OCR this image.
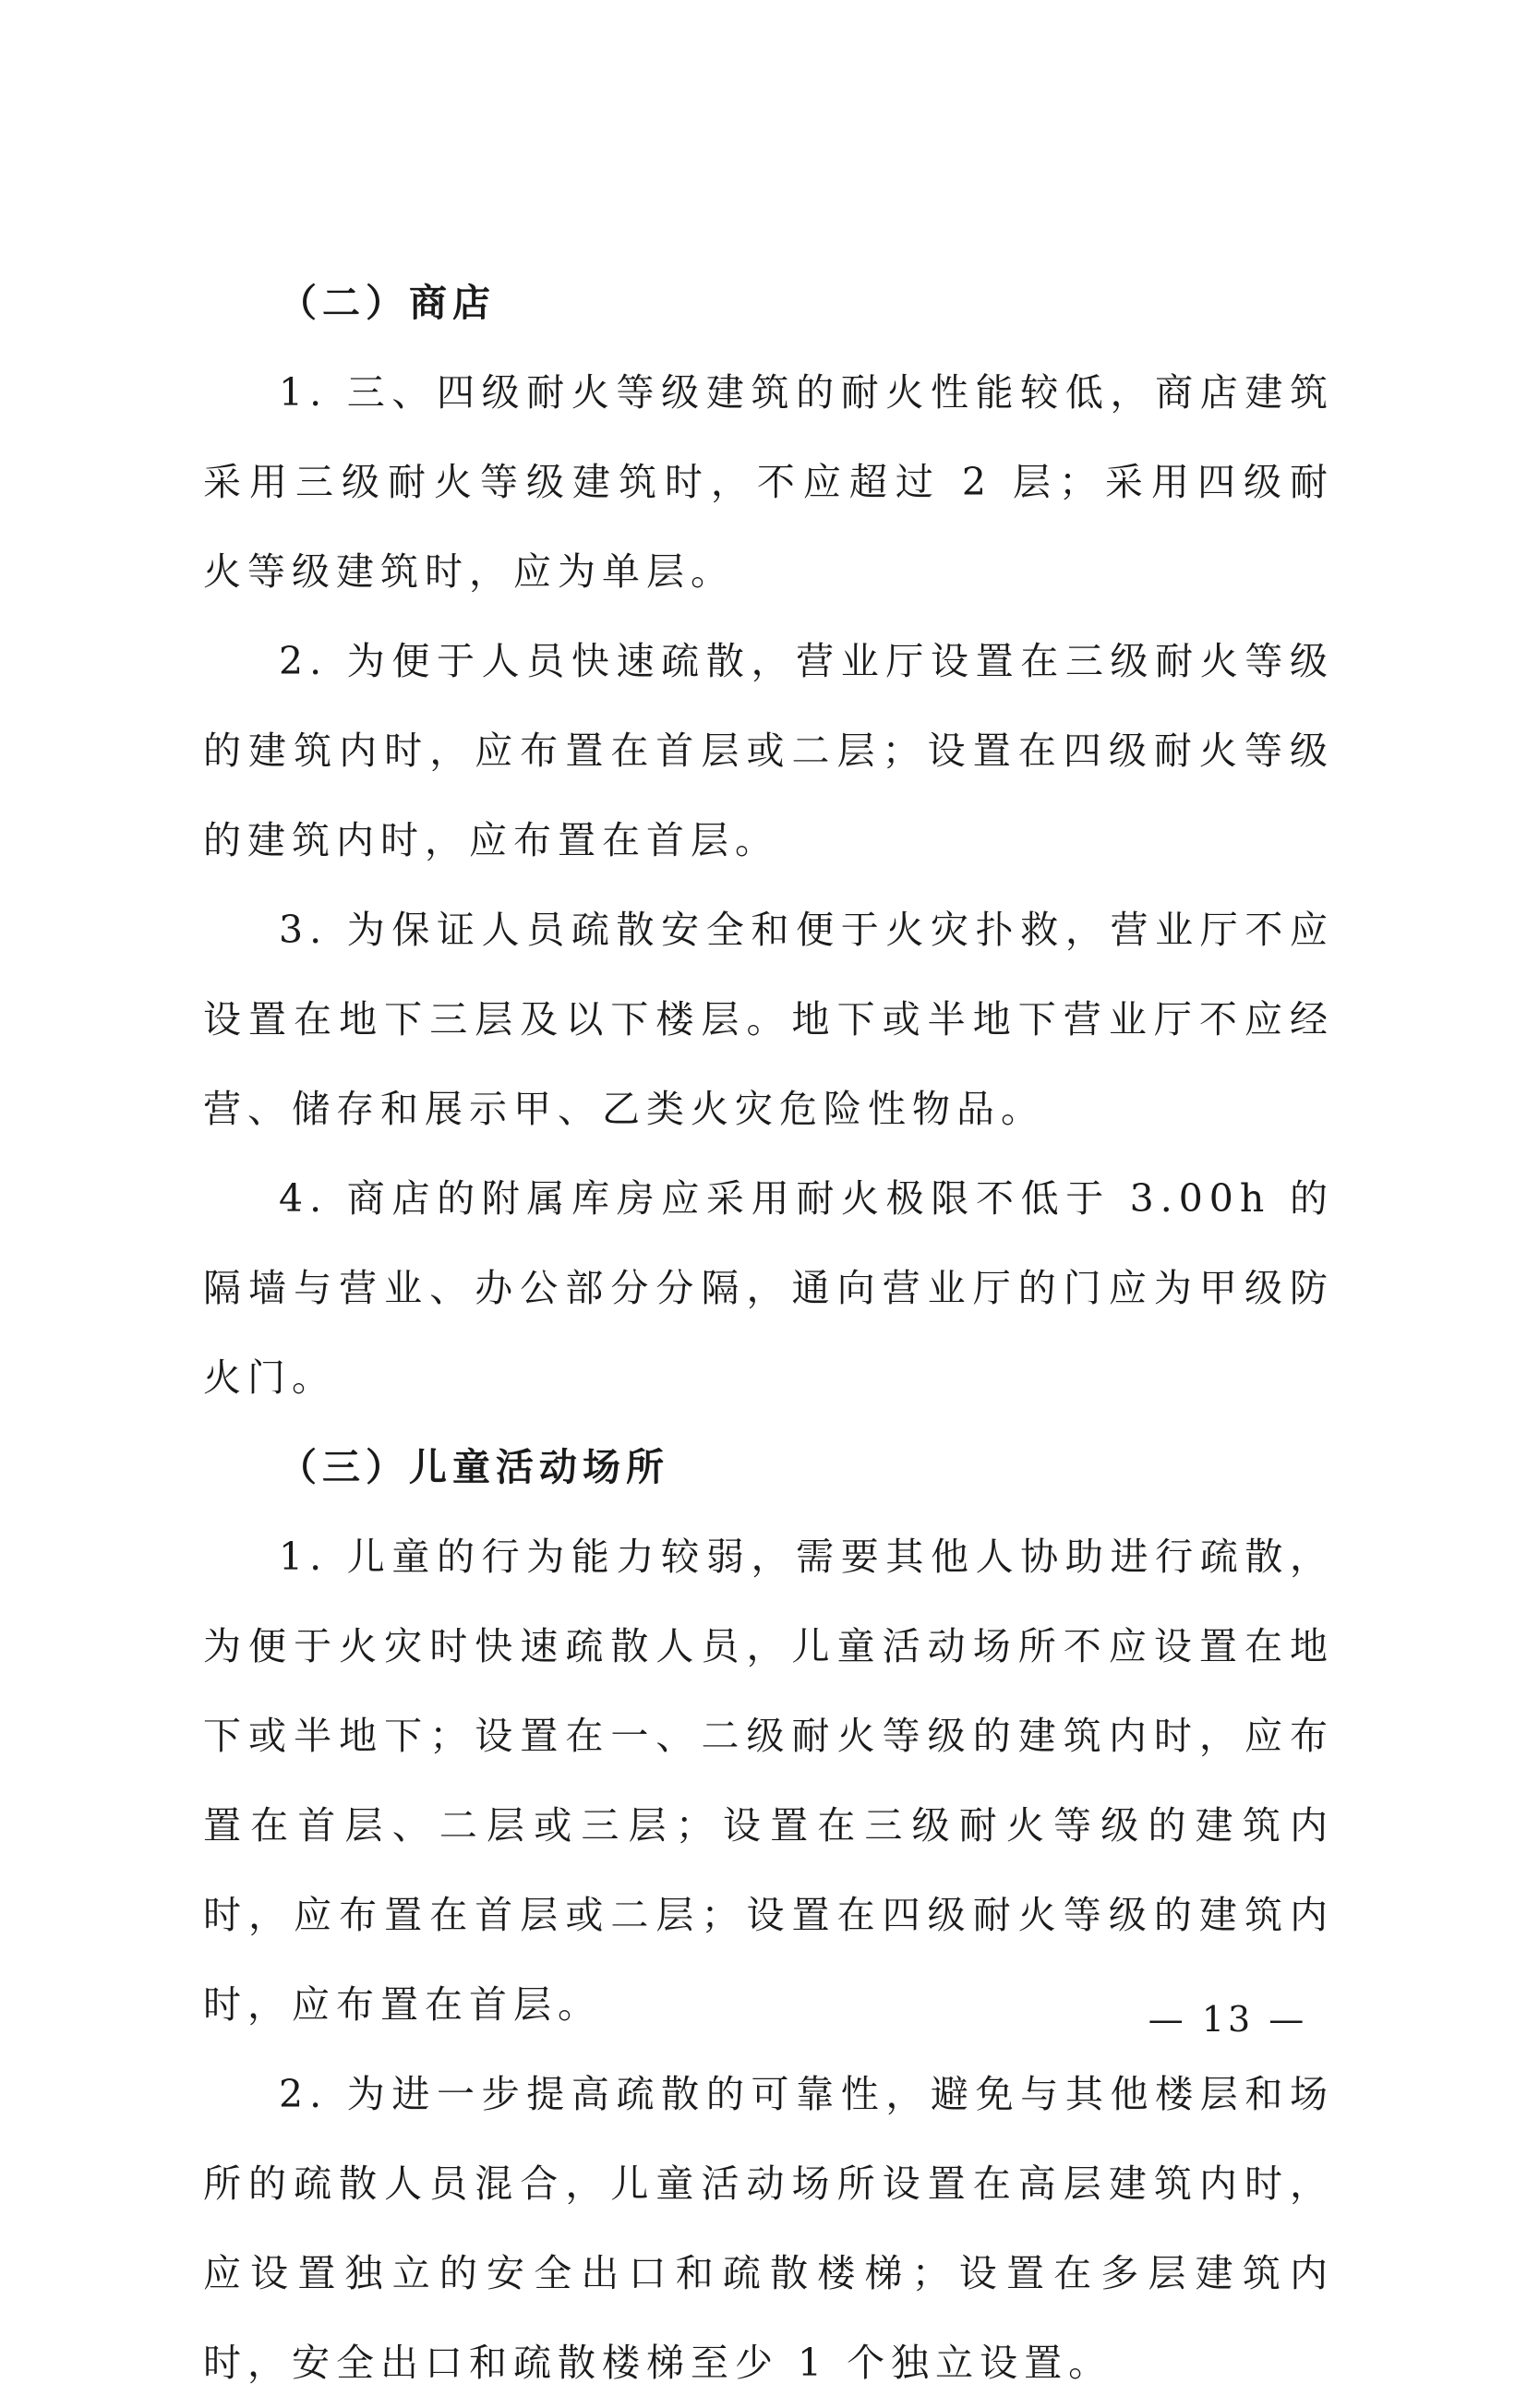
（二）商店

1. 三、四级耐火等级建筑的耐火性能较低，商店建筑采用三级耐火等级建筑时，不应超过 2 层；采用四级耐火等级建筑时，应为单层。

2. 为便于人员快速疏散，营业厅设置在三级耐火等级的建筑内时，应布置在首层或二层；设置在四级耐火等级的建筑内时，应布置在首层。

3. 为保证人员疏散安全和便于火灾扑救，营业厅不应设置在地下三层及以下楼层。地下或半地下营业厅不应经营、储存和展示甲、乙类火灾危险性物品。

4. 商店的附属库房应采用耐火极限不低于 3.00h 的隔墙与营业、办公部分分隔，通向营业厅的门应为甲级防火门。

（三）儿童活动场所

1. 儿童的行为能力较弱，需要其他人协助进行疏散，为便于火灾时快速疏散人员，儿童活动场所不应设置在地下或半地下；设置在一、二级耐火等级的建筑内时，应布置在首层、二层或三层；设置在三级耐火等级的建筑内时，应布置在首层或二层；设置在四级耐火等级的建筑内时，应布置在首层。

2. 为进一步提高疏散的可靠性，避免与其他楼层和场所的疏散人员混合，儿童活动场所设置在高层建筑内时，应设置独立的安全出口和疏散楼梯；设置在多层建筑内时，安全出口和疏散楼梯至少 1 个独立设置。

— 13 —
